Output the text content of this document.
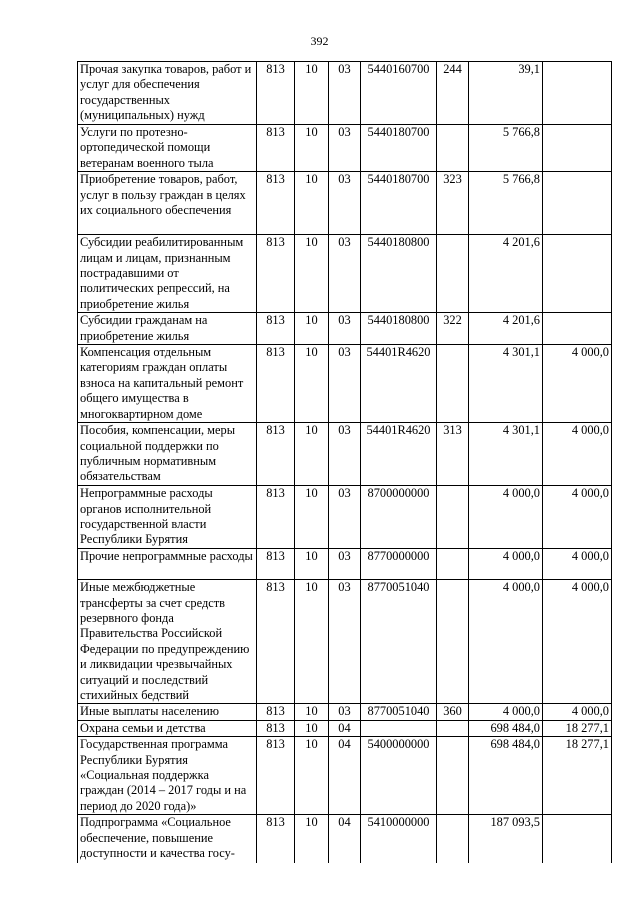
392
Прочая закупка товаров, работ и услуг для обеспечения государственных (муниципальных) нужд	813	10	03	5440160700	244	39,1	
Услуги по протезно-ортопедической помощи ветеранам военного тыла	813	10	03	5440180700		5 766,8	
Приобретение товаров, работ, услуг в пользу граждан в целях их социального обеспечения	813	10	03	5440180700	323	5 766,8	
Субсидии реабилитированным лицам и лицам, признанным пострадавшими от политических репрессий, на приобретение жилья	813	10	03	5440180800		4 201,6	
Субсидии гражданам на приобретение жилья	813	10	03	5440180800	322	4 201,6	
Компенсация отдельным категориям граждан оплаты взноса на капитальный ремонт общего имущества в многоквартирном доме	813	10	03	54401R4620		4 301,1	4 000,0
Пособия, компенсации, меры социальной поддержки по публичным нормативным обязательствам	813	10	03	54401R4620	313	4 301,1	4 000,0
Непрограммные расходы органов исполнительной государственной власти Республики Бурятия	813	10	03	8700000000		4 000,0	4 000,0
Прочие непрограммные расходы	813	10	03	8770000000		4 000,0	4 000,0
Иные межбюджетные трансферты за счет средств резервного фонда Правительства Российской Федерации по предупреждению и ликвидации чрезвычайных ситуаций и последствий стихийных бедствий	813	10	03	8770051040		4 000,0	4 000,0
Иные выплаты населению	813	10	03	8770051040	360	4 000,0	4 000,0
Охрана семьи и детства	813	10	04			698 484,0	18 277,1
Государственная программа Республики Бурятия «Социальная поддержка граждан (2014 – 2017 годы и на период до 2020 года)»	813	10	04	5400000000		698 484,0	18 277,1
Подпрограмма «Социальное обеспечение, повышение доступности и качества госу-	813	10	04	5410000000		187 093,5	
